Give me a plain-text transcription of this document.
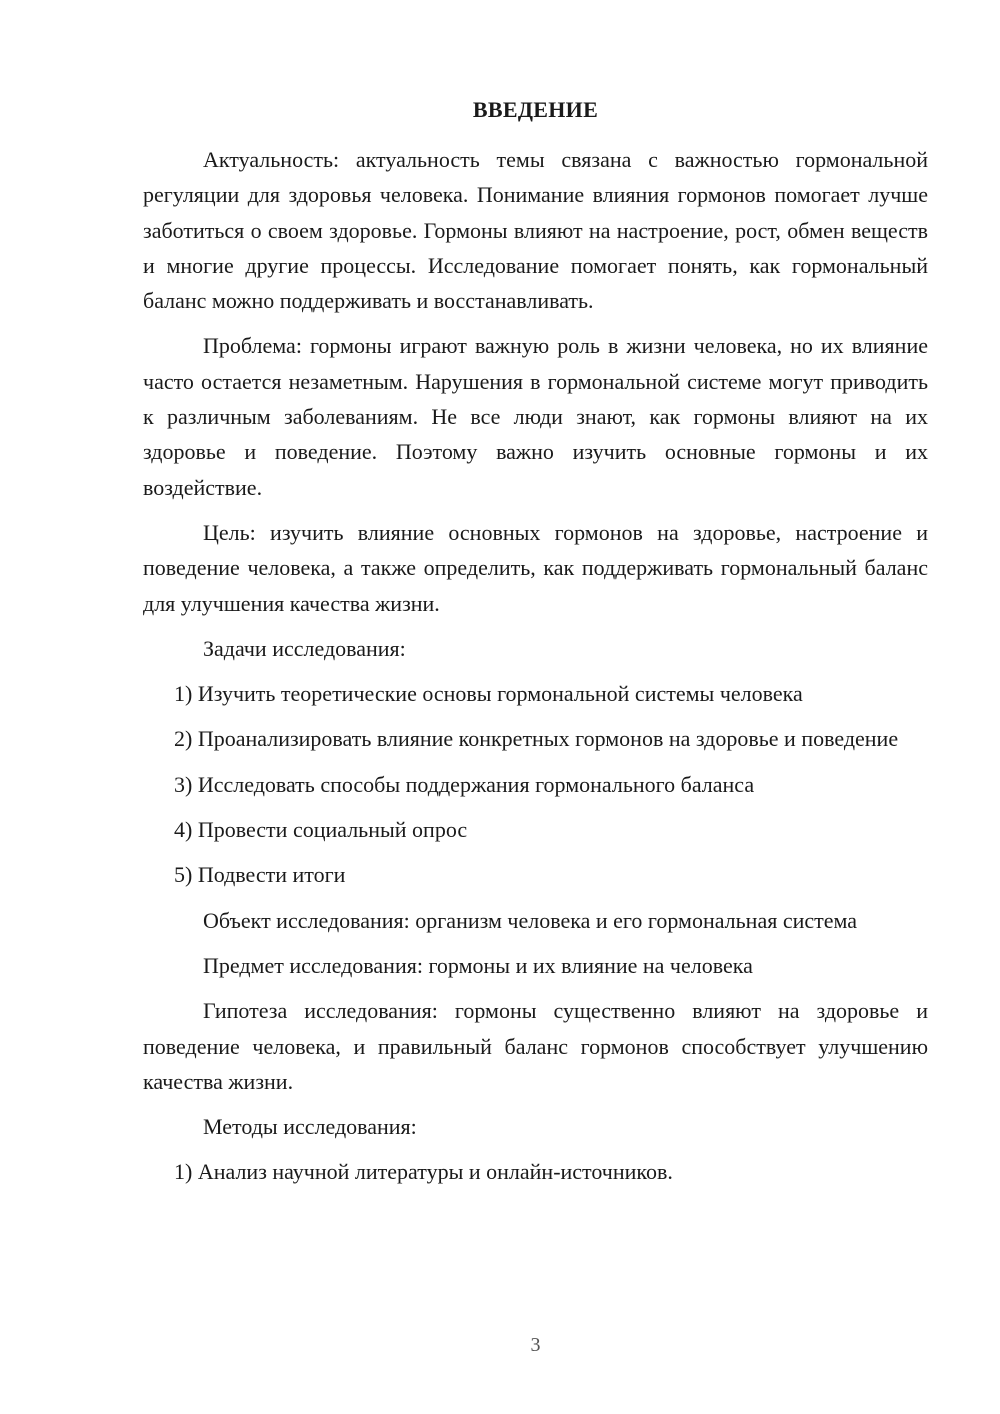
ВВЕДЕНИЕ

Актуальность: актуальность темы связана с важностью гормональной регуляции для здоровья человека. Понимание влияния гормонов помогает лучше заботиться о своем здоровье. Гормоны влияют на настроение, рост, обмен веществ и многие другие процессы. Исследование помогает понять, как гормональный баланс можно поддерживать и восстанавливать.

Проблема: гормоны играют важную роль в жизни человека, но их влияние часто остается незаметным. Нарушения в гормональной системе могут приводить к различным заболеваниям. Не все люди знают, как гормоны влияют на их здоровье и поведение. Поэтому важно изучить основные гормоны и их воздействие.

Цель: изучить влияние основных гормонов на здоровье, настроение и поведение человека, а также определить, как поддерживать гормональный баланс для улучшения качества жизни.

Задачи исследования:

1) Изучить теоретические основы гормональной системы человека

2) Проанализировать влияние конкретных гормонов на здоровье и поведение

3) Исследовать способы поддержания гормонального баланса

4) Провести социальный опрос

5) Подвести итоги

Объект исследования: организм человека и его гормональная система

Предмет исследования: гормоны и их влияние на человека

Гипотеза исследования: гормоны существенно влияют на здоровье и поведение человека, и правильный баланс гормонов способствует улучшению качества жизни.

Методы исследования:

1) Анализ научной литературы и онлайн-источников.

3
